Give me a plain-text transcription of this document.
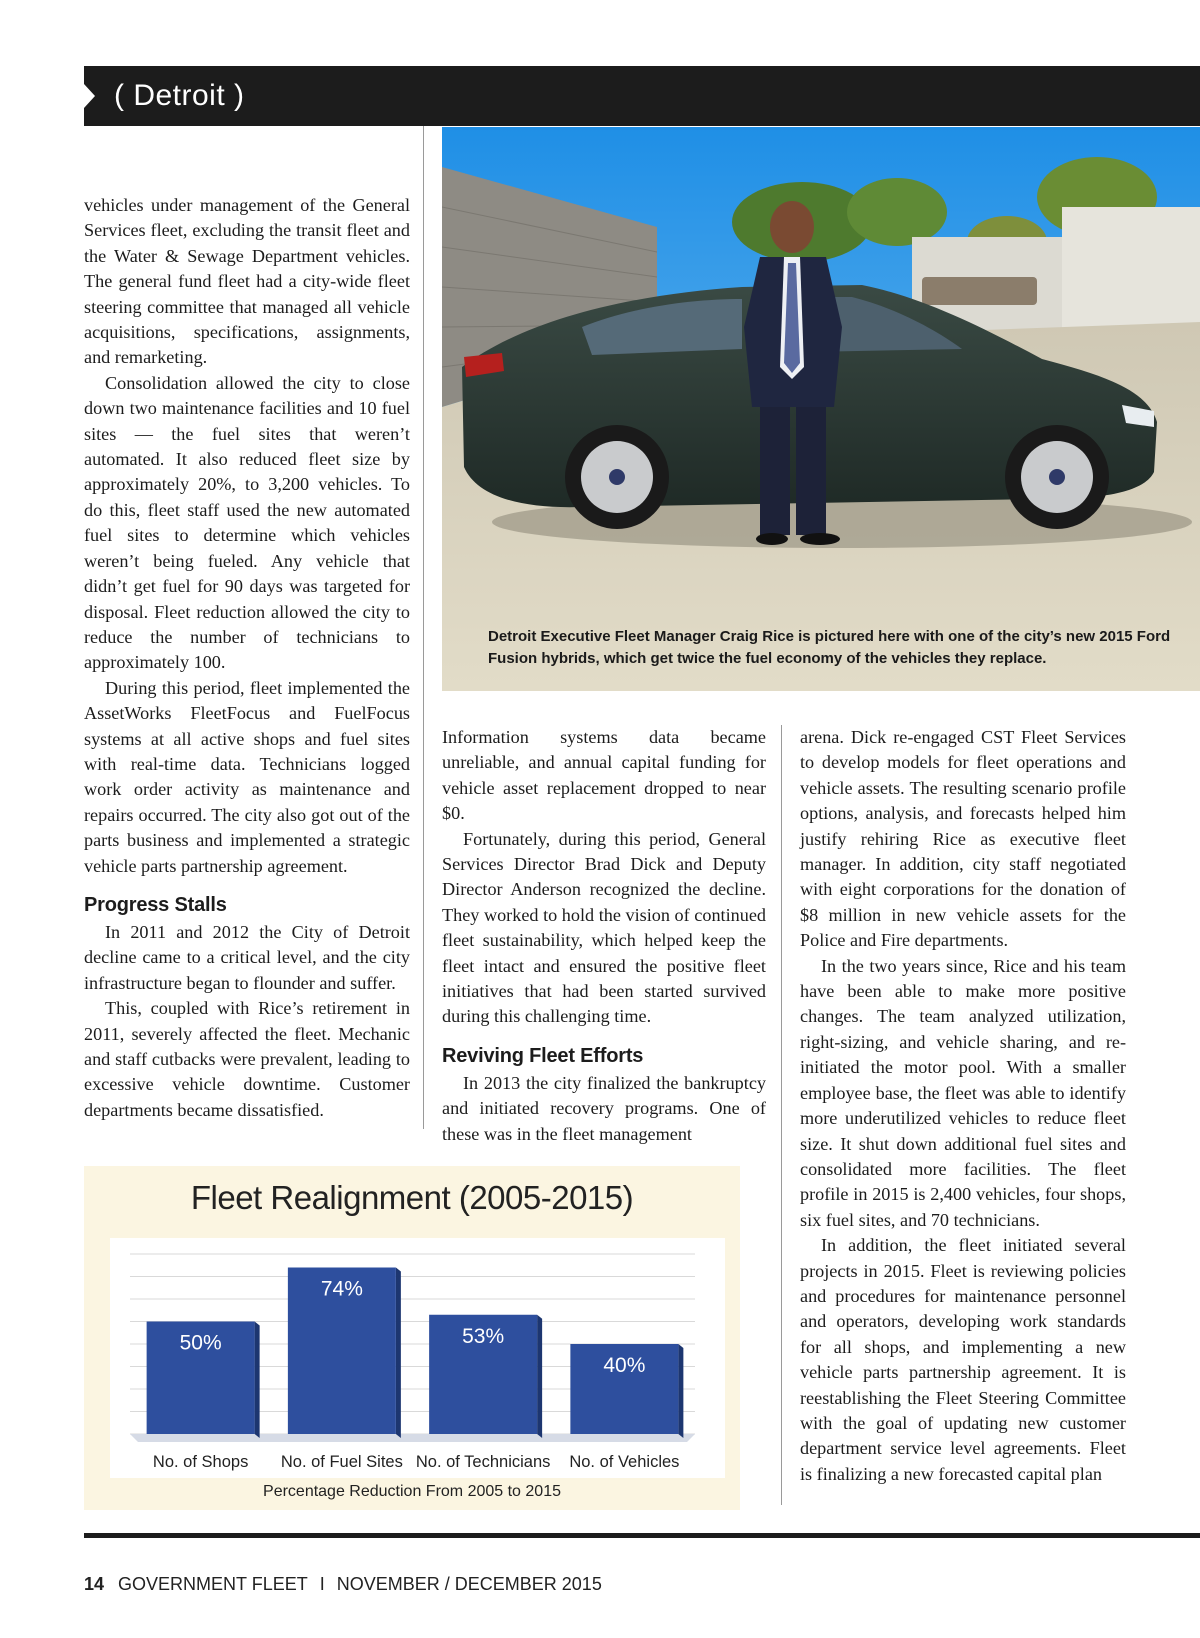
( Detroit )

vehicles under management of the General Services fleet, excluding the transit fleet and the Water & Sewage Department vehicles. The general fund fleet had a city-wide fleet steering committee that managed all vehicle acquisitions, specifications, assignments, and remarketing.

Consolidation allowed the city to close down two maintenance facilities and 10 fuel sites — the fuel sites that weren’t automated. It also reduced fleet size by approximately 20%, to 3,200 vehicles. To do this, fleet staff used the new automated fuel sites to determine which vehicles weren’t being fueled. Any vehicle that didn’t get fuel for 90 days was targeted for disposal. Fleet reduction allowed the city to reduce the number of technicians to approximately 100.

During this period, fleet implemented the AssetWorks FleetFocus and FuelFocus systems at all active shops and fuel sites with real-time data. Technicians logged work order activity as maintenance and repairs occurred. The city also got out of the parts business and implemented a strategic vehicle parts partnership agreement.

Progress Stalls

In 2011 and 2012 the City of Detroit decline came to a critical level, and the city infrastructure began to flounder and suffer.

This, coupled with Rice’s retirement in 2011, severely affected the fleet. Mechanic and staff cutbacks were prevalent, leading to excessive vehicle downtime. Customer departments became dissatisfied.

Detroit Executive Fleet Manager Craig Rice is pictured here with one of the city’s new 2015 Ford Fusion hybrids, which get twice the fuel economy of the vehicles they replace.

Information systems data became unreliable, and annual capital funding for vehicle asset replacement dropped to near $0.

Fortunately, during this period, General Services Director Brad Dick and Deputy Director Anderson recognized the decline. They worked to hold the vision of continued fleet sustainability, which helped keep the fleet intact and ensured the positive fleet initiatives that had been started survived during this challenging time.

Reviving Fleet Efforts

In 2013 the city finalized the bankruptcy and initiated recovery programs. One of these was in the fleet management

arena. Dick re-engaged CST Fleet Services to develop models for fleet operations and vehicle assets. The resulting scenario profile options, analysis, and forecasts helped him justify rehiring Rice as executive fleet manager. In addition, city staff negotiated with eight corporations for the donation of $8 million in new vehicle assets for the Police and Fire departments.

In the two years since, Rice and his team have been able to make more positive changes. The team analyzed utilization, right-sizing, and vehicle sharing, and re-initiated the motor pool. With a smaller employee base, the fleet was able to identify more underutilized vehicles to reduce fleet size. It shut down additional fuel sites and consolidated more facilities. The fleet profile in 2015 is 2,400 vehicles, four shops, six fuel sites, and 70 technicians.

In addition, the fleet initiated several projects in 2015. Fleet is reviewing policies and procedures for maintenance personnel and operators, developing work standards for all shops, and implementing a new vehicle parts partnership agreement. It is reestablishing the Fleet Steering Committee with the goal of updating new customer department service level agreements. Fleet is finalizing a new forecasted capital plan

Fleet Realignment (2005-2015)
50%
No. of Shops
74%
No. of Fuel Sites
53%
No. of Technicians
40%
No. of Vehicles
Percentage Reduction From 2005 to 2015
14 GOVERNMENT FLEET I NOVEMBER / DECEMBER 2015
